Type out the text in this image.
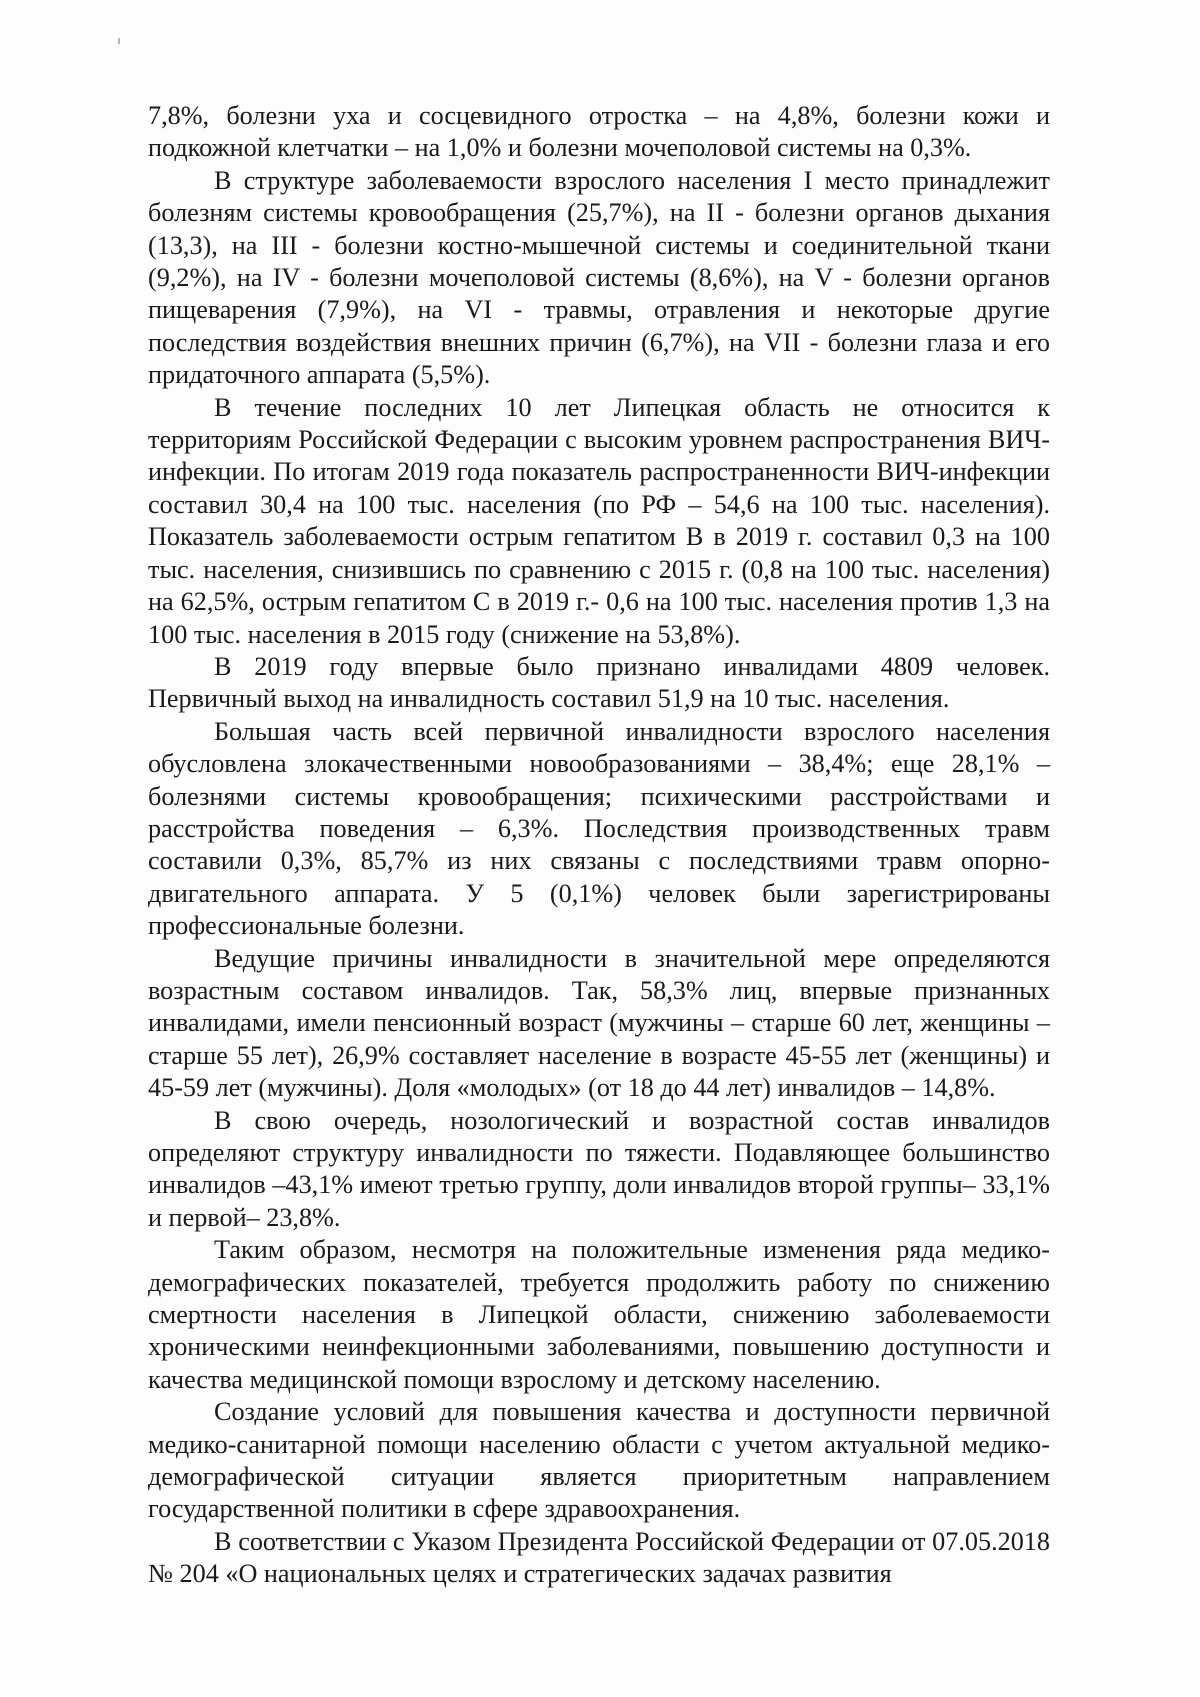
7,8%, болезни уха и сосцевидного отростка – на 4,8%, болезни кожи и подкожной клетчатки – на 1,0% и болезни мочеполовой системы на 0,3%.

В структуре заболеваемости взрослого населения I место принадлежит болезням системы кровообращения (25,7%), на II - болезни органов дыхания (13,3), на III - болезни костно-мышечной системы и соединительной ткани (9,2%), на IV - болезни мочеполовой системы (8,6%), на V - болезни органов пищеварения (7,9%), на VI - травмы, отравления и некоторые другие последствия воздействия внешних причин (6,7%), на VII - болезни глаза и его придаточного аппарата (5,5%).

В течение последних 10 лет Липецкая область не относится к территориям Российской Федерации с высоким уровнем распространения ВИЧ-инфекции. По итогам 2019 года показатель распространенности ВИЧ-инфекции составил 30,4 на 100 тыс. населения (по РФ – 54,6 на 100 тыс. населения). Показатель заболеваемости острым гепатитом В в 2019 г. составил 0,3 на 100 тыс. населения, снизившись по сравнению с 2015 г. (0,8 на 100 тыс. населения) на 62,5%, острым гепатитом С в 2019 г.- 0,6 на 100 тыс. населения против 1,3 на 100 тыс. населения в 2015 году (снижение на 53,8%).

В 2019 году впервые было признано инвалидами 4809 человек. Первичный выход на инвалидность составил 51,9 на 10 тыс. населения.

Большая часть всей первичной инвалидности взрослого населения обусловлена злокачественными новообразованиями – 38,4%; еще 28,1% – болезнями системы кровообращения; психическими расстройствами и расстройства поведения – 6,3%. Последствия производственных травм составили 0,3%, 85,7% из них связаны с последствиями травм опорно-двигательного аппарата. У 5 (0,1%) человек были зарегистрированы профессиональные болезни.

Ведущие причины инвалидности в значительной мере определяются возрастным составом инвалидов. Так, 58,3% лиц, впервые признанных инвалидами, имели пенсионный возраст (мужчины – старше 60 лет, женщины – старше 55 лет), 26,9% составляет население в возрасте 45-55 лет (женщины) и 45-59 лет (мужчины). Доля «молодых» (от 18 до 44 лет) инвалидов – 14,8%.

В свою очередь, нозологический и возрастной состав инвалидов определяют структуру инвалидности по тяжести. Подавляющее большинство инвалидов –43,1% имеют третью группу, доли инвалидов второй группы– 33,1% и первой– 23,8%.

Таким образом, несмотря на положительные изменения ряда медико-демографических показателей, требуется продолжить работу по снижению смертности населения в Липецкой области, снижению заболеваемости хроническими неинфекционными заболеваниями, повышению доступности и качества медицинской помощи взрослому и детскому населению.

Создание условий для повышения качества и доступности первичной медико-санитарной помощи населению области с учетом актуальной медико-демографической ситуации является приоритетным направлением государственной политики в сфере здравоохранения.

В соответствии с Указом Президента Российской Федерации от 07.05.2018 № 204 «О национальных целях и стратегических задачах развития
